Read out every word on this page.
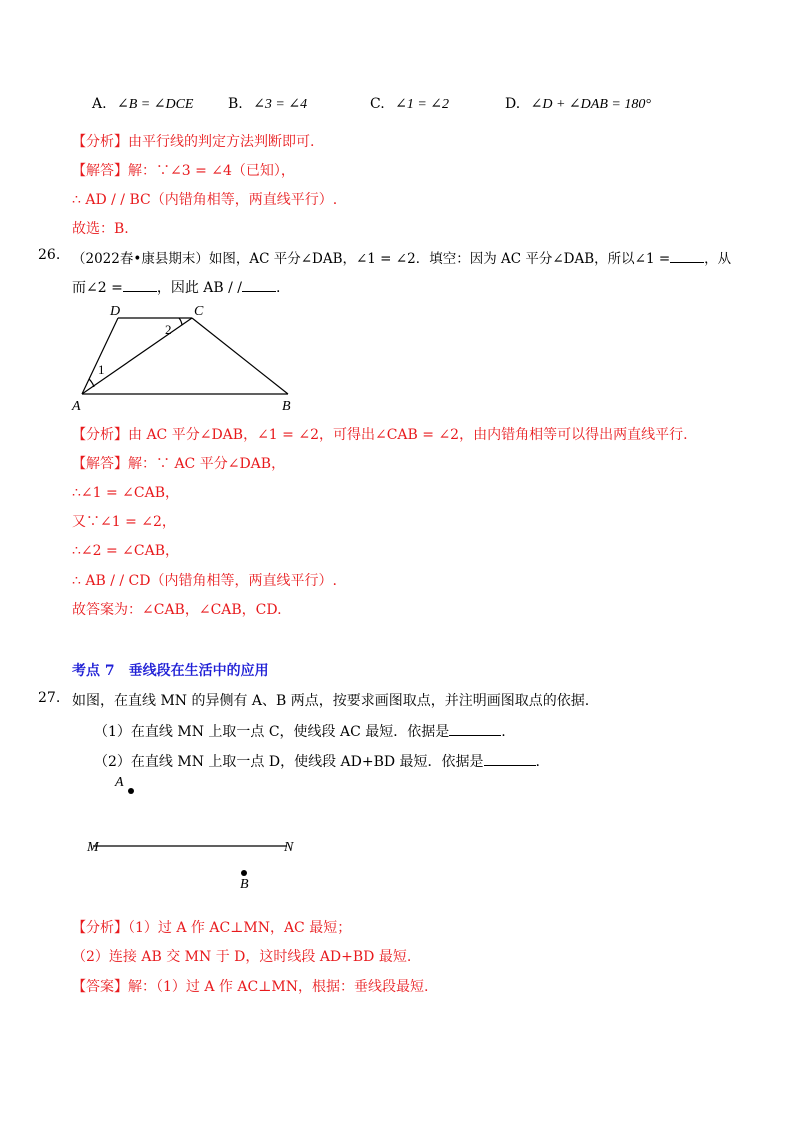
A. ∠B = ∠DCE B. ∠3 = ∠4	C. ∠1 = ∠2	D. ∠D + ∠DAB = 180°
【分析】由平行线的判定方法判断即可.
【解答】解：∵∠3 = ∠4（已知），
∴ AD / / BC（内错角相等，两直线平行）.
故选：B.
26. （2022春•康县期末）如图，AC 平分∠DAB，∠1 = ∠2．填空：因为 AC 平分∠DAB，所以∠1 =	，从
而∠2 = ，因此 AB / / .
D	C
A	B
1
2
【分析】由 AC 平分∠DAB，∠1 = ∠2，可得出∠CAB = ∠2，由内错角相等可以得出两直线平行.
【解答】解：∵ AC 平分∠DAB，
∴∠1 = ∠CAB，
又∵∠1 = ∠2，
∴∠2 = ∠CAB，
∴ AB / / CD（内错角相等，两直线平行）.
故答案为：∠CAB，∠CAB，CD.
考点 7　垂线段在生活中的应用
27. 如图，在直线 MN 的异侧有 A、B 两点，按要求画图取点，并注明画图取点的依据.
（1）在直线 MN 上取一点 C，使线段 AC 最短．依据是	.
（2）在直线 MN 上取一点 D，使线段 AD+BD 最短．依据是	.
A
B
M	N
【分析】（1）过 A 作 AC⊥MN，AC 最短；
（2）连接 AB 交 MN 于 D，这时线段 AD+BD 最短.
【答案】解：（1）过 A 作 AC⊥MN，根据：垂线段最短.
